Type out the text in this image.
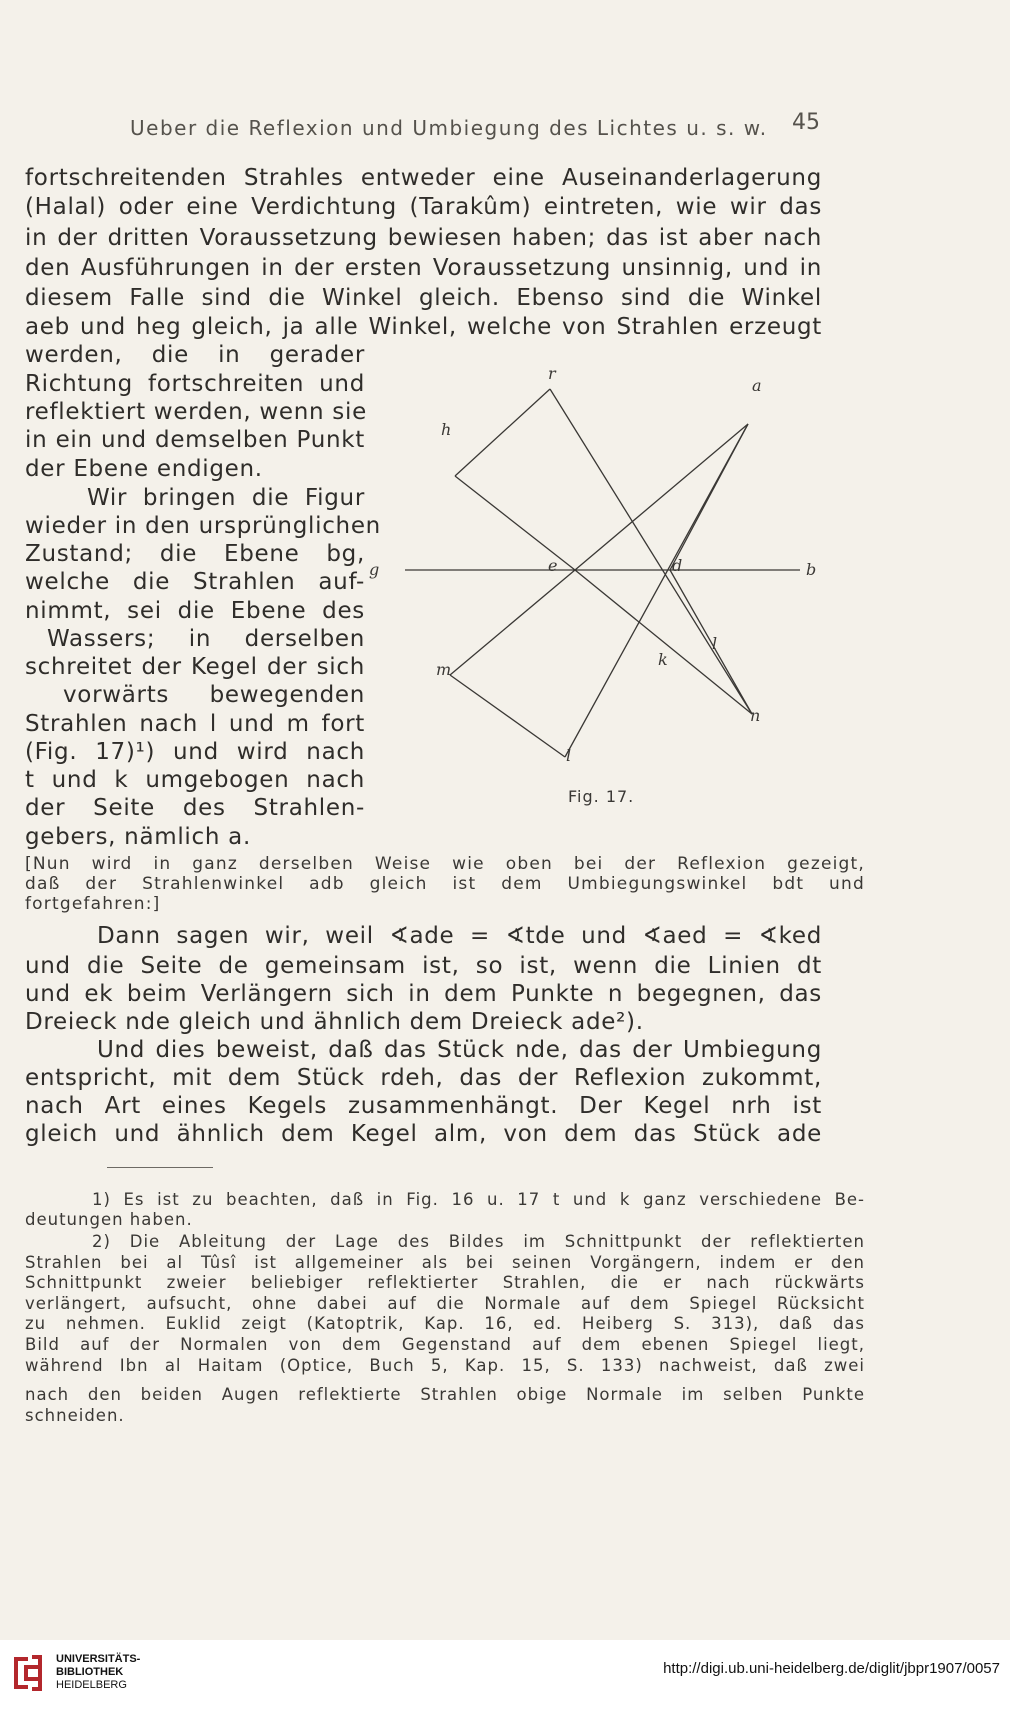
Ueber die Reflexion und Umbiegung des Lichtes u. s. w. 45
fortschreitenden Strahles entweder eine Auseinanderlagerung
(Halal) oder eine Verdichtung (Tarakûm) eintreten, wie wir das
in der dritten Voraussetzung bewiesen haben; das ist aber nach
den Ausführungen in der ersten Voraussetzung unsinnig, und in
diesem Falle sind die Winkel gleich. Ebenso sind die Winkel
aeb und heg gleich, ja alle Winkel, welche von Strahlen erzeugt
werden, die in gerader
Richtung fortschreiten und
reflektiert werden, wenn sie
in ein und demselben Punkt
der Ebene endigen.
Wir bringen die Figur
wieder in den ursprünglichen
Zustand; die Ebene bg,
welche die Strahlen auf-
nimmt, sei die Ebene des
Wassers; in derselben
schreitet der Kegel der sich
vorwärts bewegenden
Strahlen nach l und m fort
(Fig. 17)¹) und wird nach
t und k umgebogen nach
der Seite des Strahlen-
gebers, nämlich a.
r
a
h
g	e	d	b
m
k
l
n
l
Fig. 17.
[Nun wird in ganz derselben Weise wie oben bei der Reflexion gezeigt,
daß der Strahlenwinkel adb gleich ist dem Umbiegungswinkel bdt und
fortgefahren:]
Dann sagen wir, weil ∢ade = ∢tde und ∢aed = ∢ked
und die Seite de gemeinsam ist, so ist, wenn die Linien dt
und ek beim Verlängern sich in dem Punkte n begegnen, das
Dreieck nde gleich und ähnlich dem Dreieck ade²).
Und dies beweist, daß das Stück nde, das der Umbiegung
entspricht, mit dem Stück rdeh, das der Reflexion zukommt,
nach Art eines Kegels zusammenhängt. Der Kegel nrh ist
gleich und ähnlich dem Kegel alm, von dem das Stück ade
1) Es ist zu beachten, daß in Fig. 16 u. 17 t und k ganz verschiedene Be-
deutungen haben.
2) Die Ableitung der Lage des Bildes im Schnittpunkt der reflektierten
Strahlen bei al Tûsî ist allgemeiner als bei seinen Vorgängern, indem er den
Schnittpunkt zweier beliebiger reflektierter Strahlen, die er nach rückwärts
verlängert, aufsucht, ohne dabei auf die Normale auf dem Spiegel Rücksicht
zu nehmen. Euklid zeigt (Katoptrik, Kap. 16, ed. Heiberg S. 313), daß das
Bild auf der Normalen von dem Gegenstand auf dem ebenen Spiegel liegt,
während Ibn al Haitam (Optice, Buch 5, Kap. 15, S. 133) nachweist, daß zwei
nach den beiden Augen reflektierte Strahlen obige Normale im selben Punkte
schneiden.
UNIVERSITÄTS-
BIBLIOTHEK
HEIDELBERG
http://digi.ub.uni-heidelberg.de/diglit/jbpr1907/0057
